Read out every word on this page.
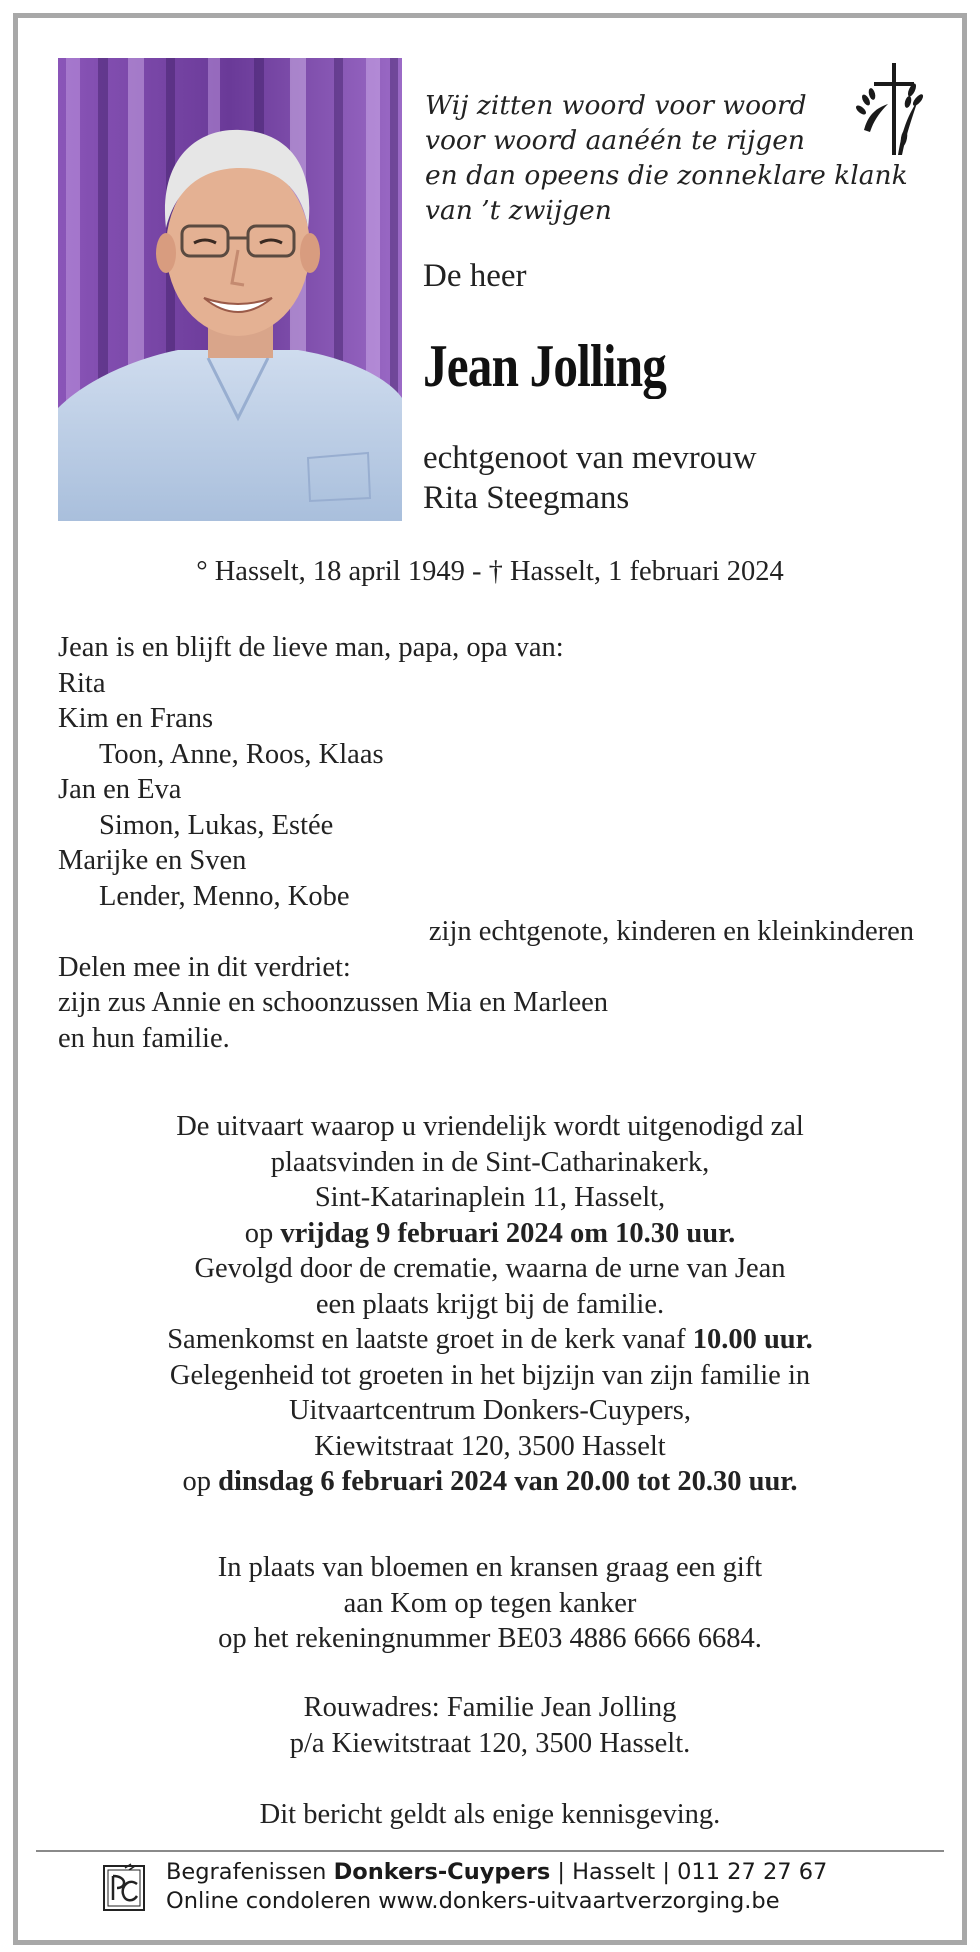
Wij zitten woord voor woord
voor woord aanéén te rijgen
en dan opeens die zonneklare klank
van ’t zwijgen
De heer
Jean Jolling
echtgenoot van mevrouw
Rita Steegmans
° Hasselt, 18 april 1949 - † Hasselt, 1 februari 2024
Jean is en blijft de lieve man, papa, opa van:
Rita
Kim en Frans
Toon, Anne, Roos, Klaas
Jan en Eva
Simon, Lukas, Estée
Marijke en Sven
Lender, Menno, Kobe
zijn echtgenote, kinderen en kleinkinderen
Delen mee in dit verdriet:
zijn zus Annie en schoonzussen Mia en Marleen
en hun familie.
De uitvaart waarop u vriendelijk wordt uitgenodigd zal
plaatsvinden in de Sint-Catharinakerk,
Sint-Katarinaplein 11, Hasselt,
op vrijdag 9 februari 2024 om 10.30 uur.
Gevolgd door de crematie, waarna de urne van Jean
een plaats krijgt bij de familie.
Samenkomst en laatste groet in de kerk vanaf 10.00 uur.
Gelegenheid tot groeten in het bijzijn van zijn familie in
Uitvaartcentrum Donkers-Cuypers,
Kiewitstraat 120, 3500 Hasselt
op dinsdag 6 februari 2024 van 20.00 tot 20.30 uur.
In plaats van bloemen en kransen graag een gift
aan Kom op tegen kanker
op het rekeningnummer BE03 4886 6666 6684.
Rouwadres: Familie Jean Jolling
p/a Kiewitstraat 120, 3500 Hasselt.
Dit bericht geldt als enige kennisgeving.
Begrafenissen Donkers-Cuypers | Hasselt | 011 27 27 67
Online condoleren www.donkers-uitvaartverzorging.be
